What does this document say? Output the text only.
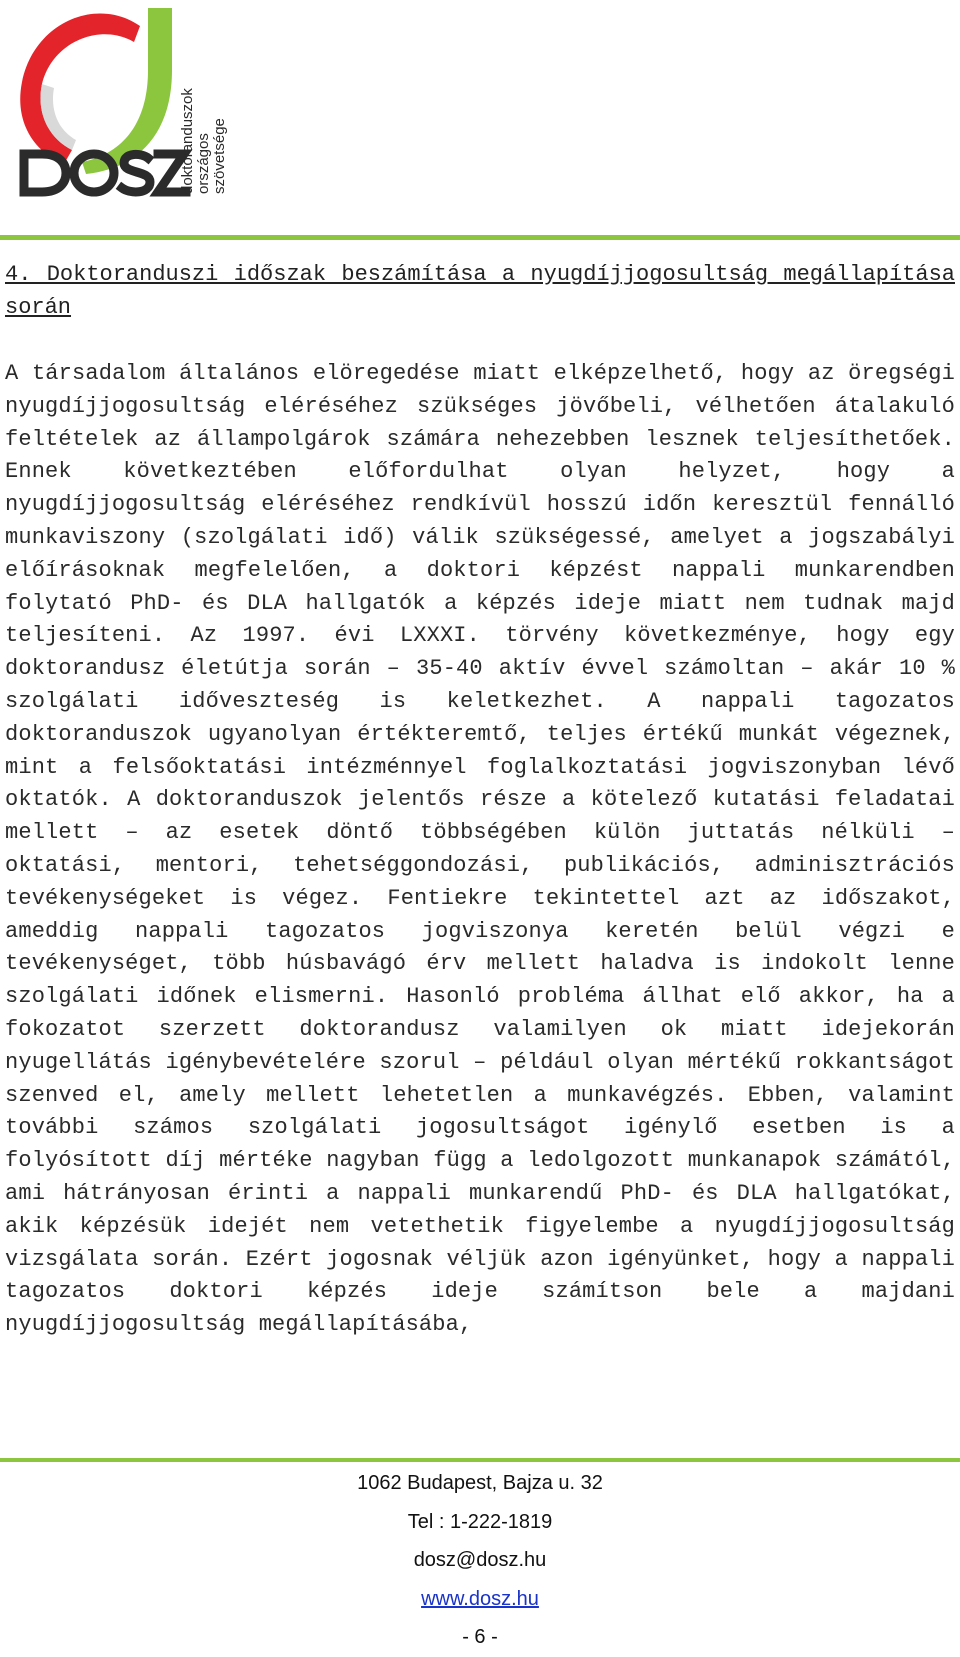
doktoranduszok országos szövetsége
4. Doktoranduszi időszak beszámítása a nyugdíjjogosultság megállapítása során

A társadalom általános elöregedése miatt elképzelhető, hogy az öregségi nyugdíjjogosultság eléréséhez szükséges jövőbeli, vélhetően átalakuló feltételek az állampolgárok számára nehezebben lesznek teljesíthetőek. Ennek következtében előfordulhat olyan helyzet, hogy a nyugdíjjogosultság eléréséhez rendkívül hosszú időn keresztül fennálló munkaviszony (szolgálati idő) válik szükségessé, amelyet a jogszabályi előírásoknak megfelelően, a doktori képzést nappali munkarendben folytató PhD- és DLA hallgatók a képzés ideje miatt nem tudnak majd teljesíteni. Az 1997. évi LXXXI. törvény következménye, hogy egy doktorandusz életútja során – 35-40 aktív évvel számoltan – akár 10 % szolgálati időveszteség is keletkezhet. A nappali tagozatos doktoranduszok ugyanolyan értékteremtő, teljes értékű munkát végeznek, mint a felsőoktatási intézménnyel foglalkoztatási jogviszonyban lévő oktatók. A doktoranduszok jelentős része a kötelező kutatási feladatai mellett – az esetek döntő többségében külön juttatás nélküli – oktatási, mentori, tehetséggondozási, publikációs, adminisztrációs tevékenységeket is végez. Fentiekre tekintettel azt az időszakot, ameddig nappali tagozatos jogviszonya keretén belül végzi e tevékenységet, több húsbavágó érv mellett haladva is indokolt lenne szolgálati időnek elismerni. Hasonló probléma állhat elő akkor, ha a fokozatot szerzett doktorandusz valamilyen ok miatt idejekorán nyugellátás igénybevételére szorul – például olyan mértékű rokkantságot szenved el, amely mellett lehetetlen a munkavégzés. Ebben, valamint további számos szolgálati jogosultságot igénylő esetben is a folyósított díj mértéke nagyban függ a ledolgozott munkanapok számától, ami hátrányosan érinti a nappali munkarendű PhD- és DLA hallgatókat, akik képzésük idejét nem vetethetik figyelembe a nyugdíjjogosultság vizsgálata során. Ezért jogosnak véljük azon igényünket, hogy a nappali tagozatos doktori képzés ideje számítson bele a majdani nyugdíjjogosultság megállapításába,

1062 Budapest, Bajza u. 32
Tel : 1-222-1819
dosz@dosz.hu
www.dosz.hu
- 6 -
